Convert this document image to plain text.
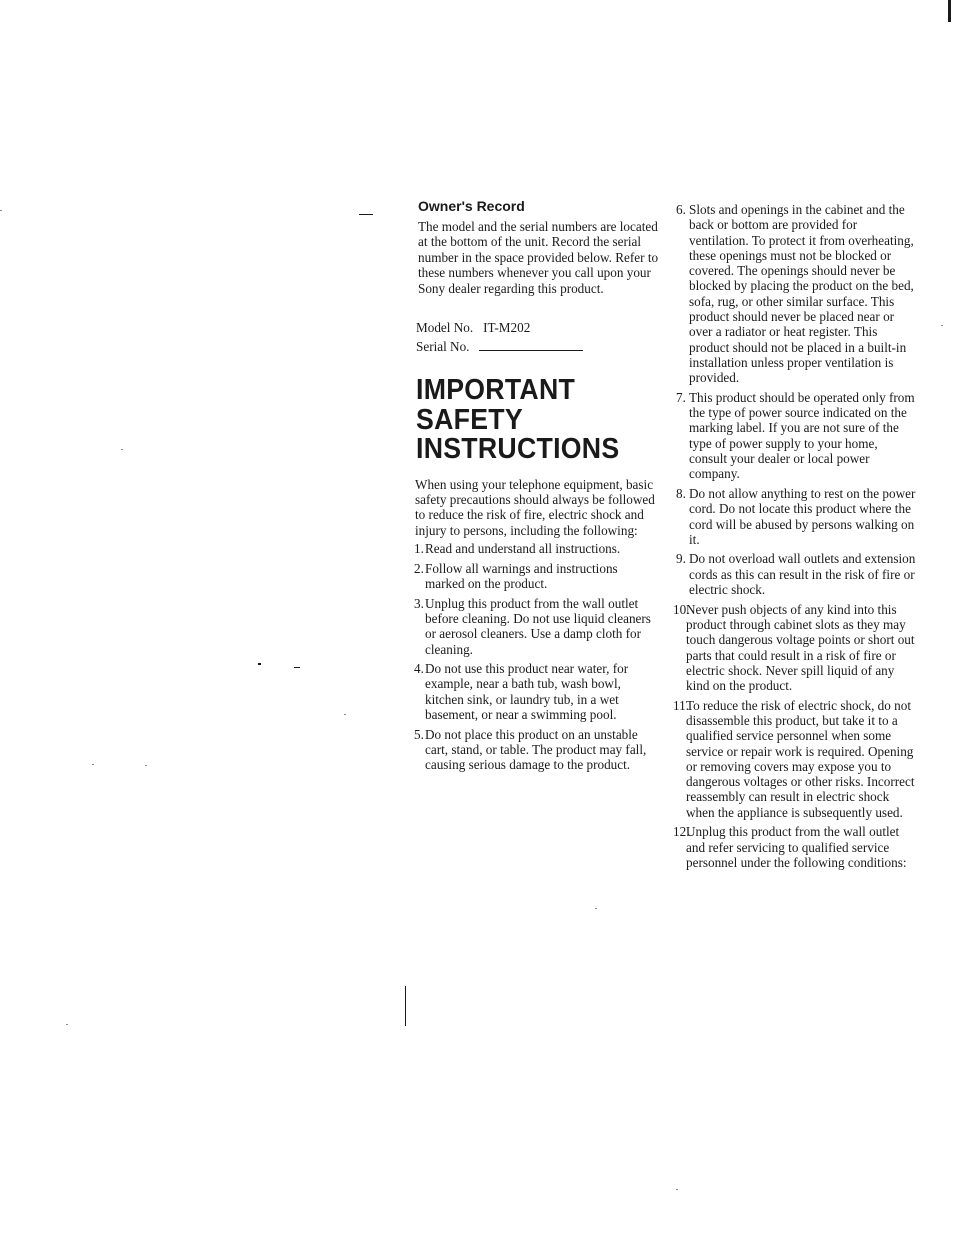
Owner's Record

The model and the serial numbers are located at the bottom of the unit. Record the serial number in the space provided below. Refer to these numbers whenever you call upon your Sony dealer regarding this product.

Model No. IT-M202
Serial No.
IMPORTANT
SAFETY
INSTRUCTIONS

When using your telephone equipment, basic safety precautions should always be followed to reduce the risk of fire, electric shock and injury to persons, including the following:

1. Read and understand all instructions.
2. Follow all warnings and instructions marked on the product.
3. Unplug this product from the wall outlet before cleaning. Do not use liquid cleaners or aerosol cleaners. Use a damp cloth for cleaning.
4. Do not use this product near water, for example, near a bath tub, wash bowl, kitchen sink, or laundry tub, in a wet basement, or near a swimming pool.
5. Do not place this product on an unstable cart, stand, or table. The product may fall, causing serious damage to the product.
6. Slots and openings in the cabinet and the back or bottom are provided for ventilation. To protect it from overheating, these openings must not be blocked or covered. The openings should never be blocked by placing the product on the bed, sofa, rug, or other similar surface. This product should never be placed near or over a radiator or heat register. This product should not be placed in a built-in installation unless proper ventilation is provided.
7. This product should be operated only from the type of power source indicated on the marking label. If you are not sure of the type of power supply to your home, consult your dealer or local power company.
8. Do not allow anything to rest on the power cord. Do not locate this product where the cord will be abused by persons walking on it.
9. Do not overload wall outlets and extension cords as this can result in the risk of fire or electric shock.
10.
Never push objects of any kind into this product through cabinet slots as they may touch dangerous voltage points or short out parts that could result in a risk of fire or electric shock. Never spill liquid of any kind on the product.
11.
To reduce the risk of electric shock, do not disassemble this product, but take it to a qualified service personnel when some service or repair work is required. Opening or removing covers may expose you to dangerous voltages or other risks. Incorrect reassembly can result in electric shock when the appliance is subsequently used.
12.
Unplug this product from the wall outlet and refer servicing to qualified service personnel under the following conditions:
